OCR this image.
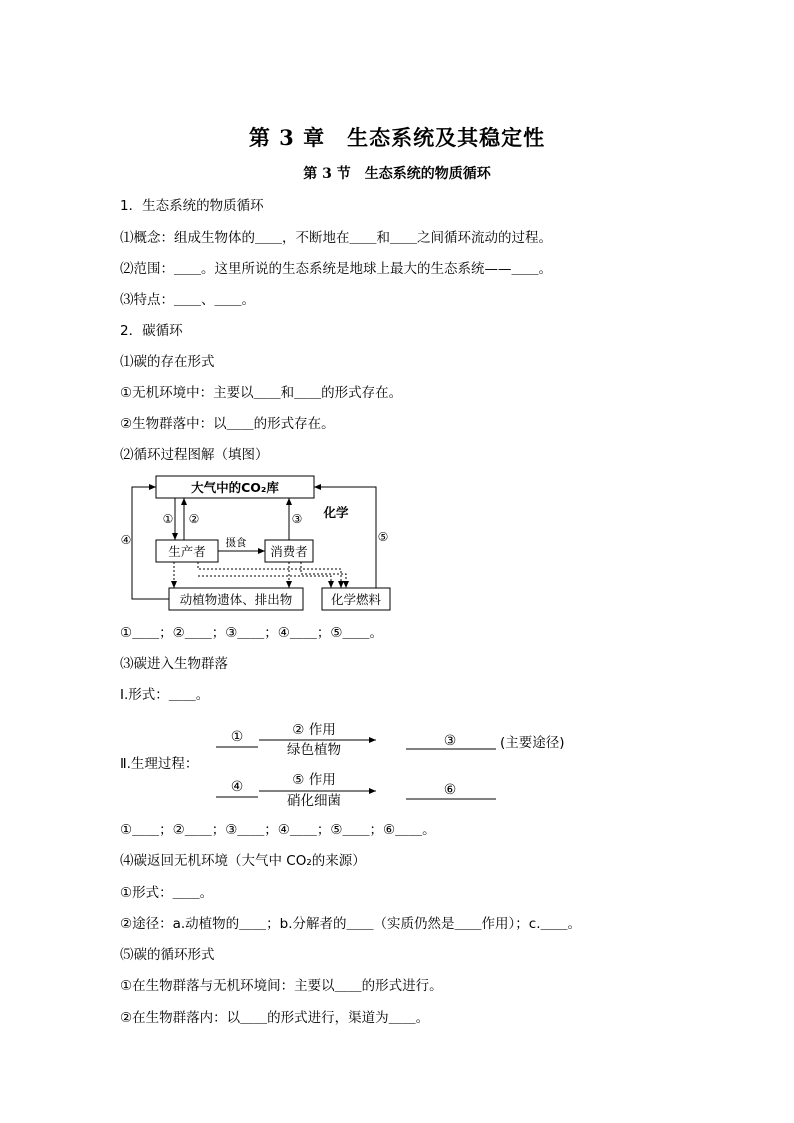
第 3 章　生态系统及其稳定性
第 3 节　生态系统的物质循环
1．生态系统的物质循环
⑴概念：组成生物体的＿＿，不断地在＿＿和＿＿之间循环流动的过程。
⑵范围：＿＿。这里所说的生态系统是地球上最大的生态系统——＿＿。
⑶特点：＿＿、＿＿。
2．碳循环
⑴碳的存在形式
①无机环境中：主要以＿＿和＿＿的形式存在。
②生物群落中：以＿＿的形式存在。
⑵循环过程图解（填图）
大气中的CO₂库
生产者	消费者
动植物遗体、排出物	化学燃料
① ②	③ 化学
摄食
④	⑤
①＿＿；②＿＿；③＿＿；④＿＿；⑤＿＿。
⑶碳进入生物群落
Ⅰ.形式：＿＿。
Ⅱ.生理过程：
①	② 作用
绿色植物
③	(主要途径)
④	⑤ 作用
硝化细菌
⑥
①＿＿；②＿＿；③＿＿；④＿＿；⑤＿＿；⑥＿＿。
⑷碳返回无机环境（大气中 CO₂的来源）
①形式：＿＿。
②途径：a.动植物的＿＿；b.分解者的＿＿（实质仍然是＿＿作用）；c.＿＿。
⑸碳的循环形式
①在生物群落与无机环境间：主要以＿＿的形式进行。
②在生物群落内：以＿＿的形式进行，渠道为＿＿。
